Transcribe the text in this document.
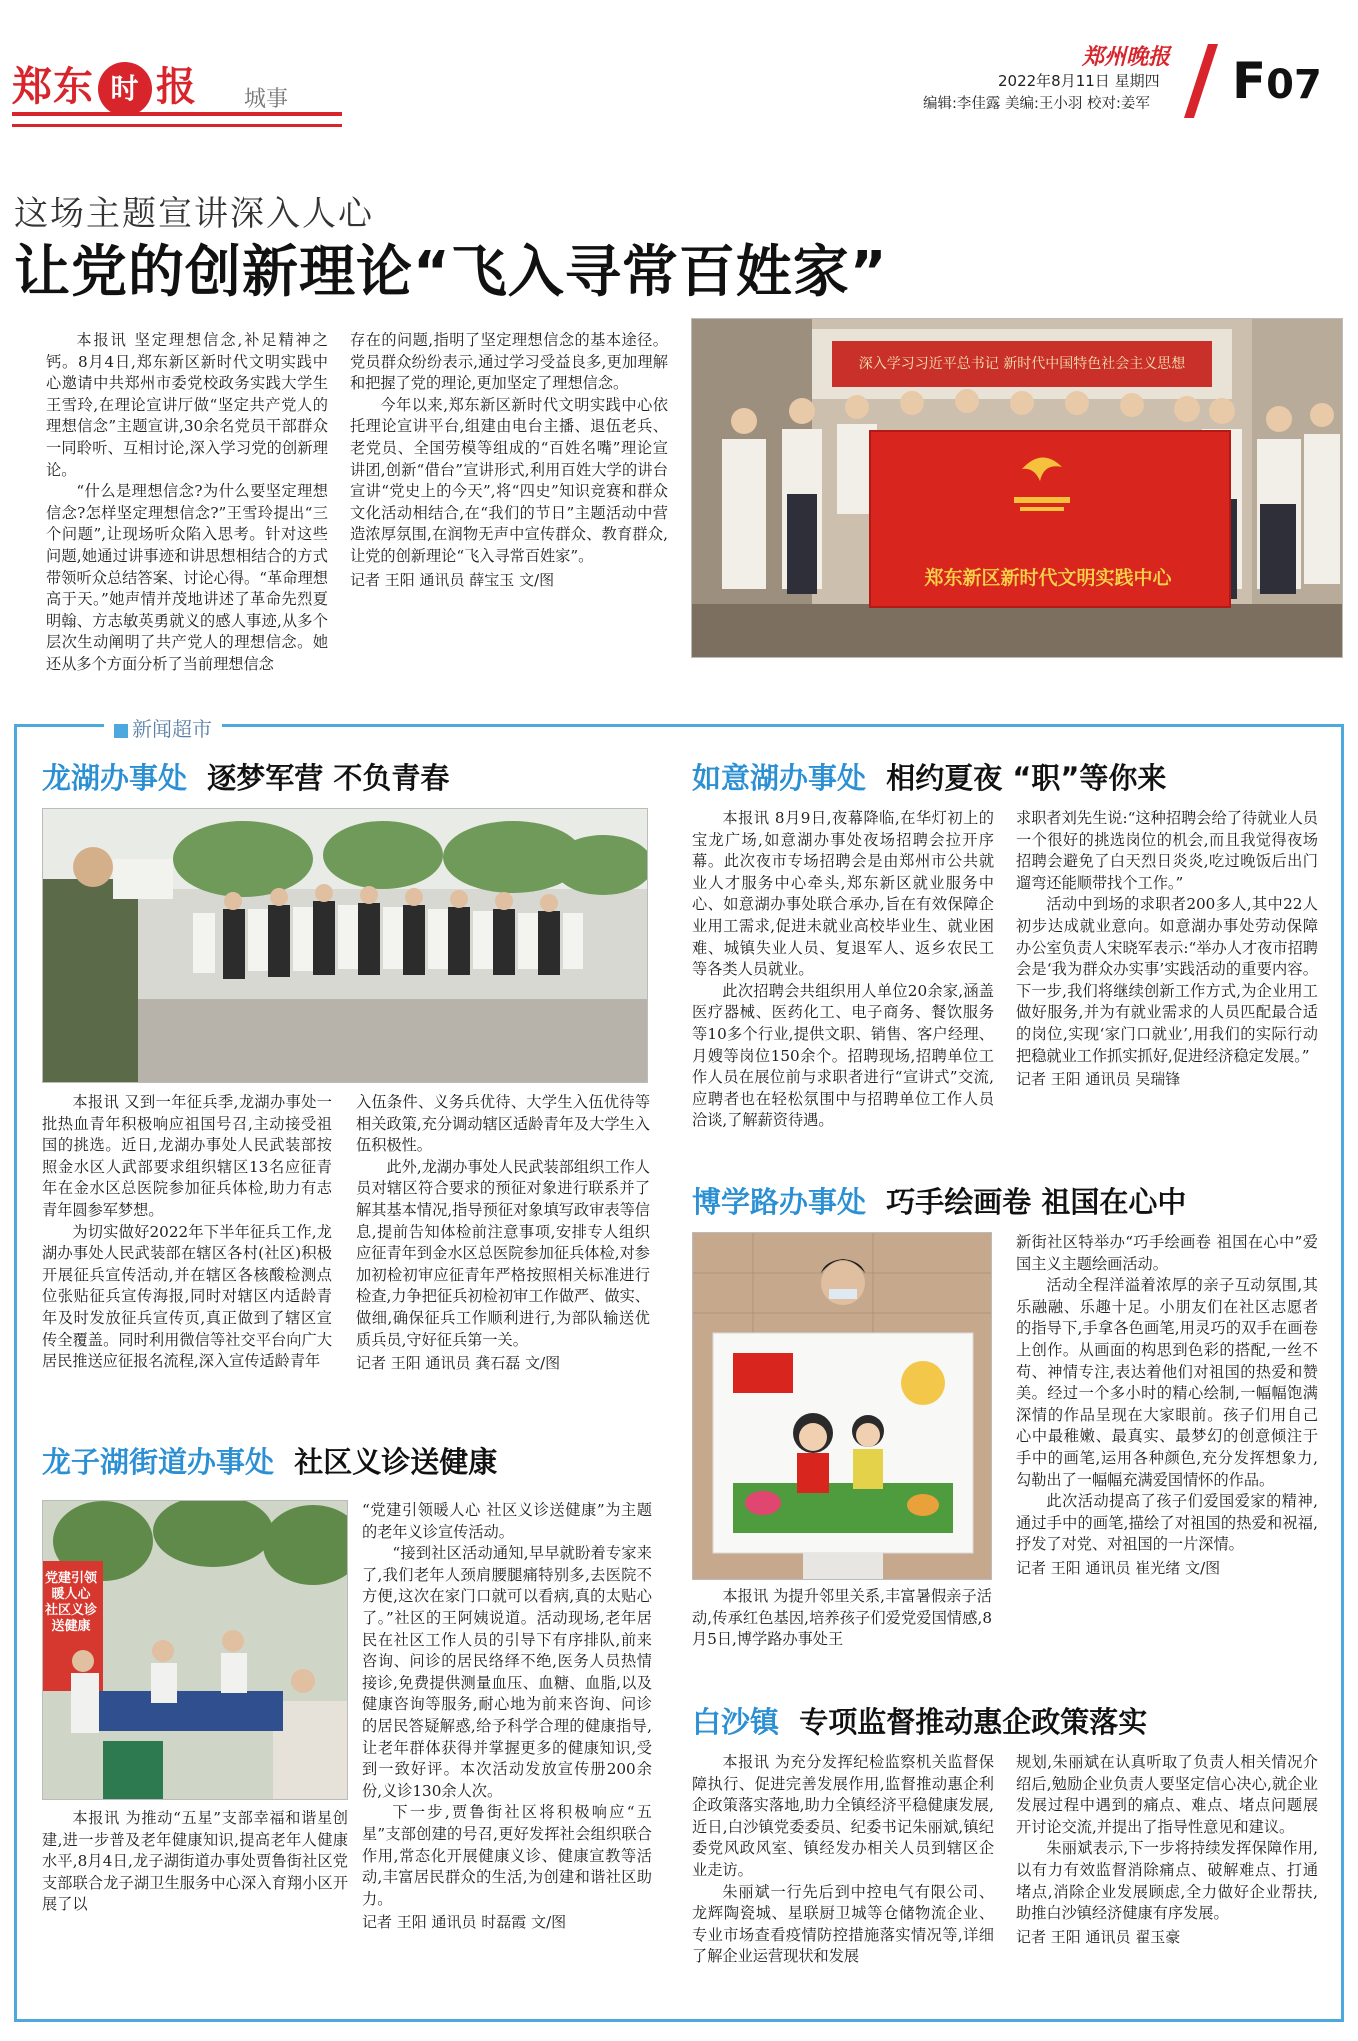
郑东 时 报 城事
郑州晚报
2022年8月11日 星期四
编辑:李佳露 美编:王小羽 校对:姜军 F07
这场主题宣讲深入人心
让党的创新理论“飞入寻常百姓家”

本报讯 坚定理想信念,补足精神之钙。8月4日,郑东新区新时代文明实践中心邀请中共郑州市委党校政务实践大学生王雪玲,在理论宣讲厅做“坚定共产党人的理想信念”主题宣讲,30余名党员干部群众一同聆听、互相讨论,深入学习党的创新理论。

“什么是理想信念?为什么要坚定理想信念?怎样坚定理想信念?”王雪玲提出“三个问题”,让现场听众陷入思考。针对这些问题,她通过讲事迹和讲思想相结合的方式带领听众总结答案、讨论心得。“革命理想高于天。”她声情并茂地讲述了革命先烈夏明翰、方志敏英勇就义的感人事迹,从多个层次生动阐明了共产党人的理想信念。她还从多个方面分析了当前理想信念

存在的问题,指明了坚定理想信念的基本途径。党员群众纷纷表示,通过学习受益良多,更加理解和把握了党的理论,更加坚定了理想信念。

今年以来,郑东新区新时代文明实践中心依托理论宣讲平台,组建由电台主播、退伍老兵、老党员、全国劳模等组成的“百姓名嘴”理论宣讲团,创新“借台”宣讲形式,利用百姓大学的讲台宣讲“党史上的今天”,将“四史”知识竞赛和群众文化活动相结合,在“我们的节日”主题活动中营造浓厚氛围,在润物无声中宣传群众、教育群众,让党的创新理论“飞入寻常百姓家”。

记者 王阳 通讯员 薛宝玉 文/图	郑东新区新时代文明实践中心
深入学习习近平总书记 新时代中国特色社会主义思想
新闻超市
龙湖办事处 逐梦军营 不负青春

本报讯 又到一年征兵季,龙湖办事处一批热血青年积极响应祖国号召,主动接受祖国的挑选。近日,龙湖办事处人民武装部按照金水区人武部要求组织辖区13名应征青年在金水区总医院参加征兵体检,助力有志青年圆参军梦想。

为切实做好2022年下半年征兵工作,龙湖办事处人民武装部在辖区各村(社区)积极开展征兵宣传活动,并在辖区各核酸检测点位张贴征兵宣传海报,同时对辖区内适龄青年及时发放征兵宣传页,真正做到了辖区宣传全覆盖。同时利用微信等社交平台向广大居民推送应征报名流程,深入宣传适龄青年

入伍条件、义务兵优待、大学生入伍优待等相关政策,充分调动辖区适龄青年及大学生入伍积极性。

此外,龙湖办事处人民武装部组织工作人员对辖区符合要求的预征对象进行联系并了解其基本情况,指导预征对象填写政审表等信息,提前告知体检前注意事项,安排专人组织应征青年到金水区总医院参加征兵体检,对参加初检初审应征青年严格按照相关标准进行检查,力争把征兵初检初审工作做严、做实、做细,确保征兵工作顺利进行,为部队输送优质兵员,守好征兵第一关。

记者 王阳 通讯员 龚石磊 文/图
龙子湖街道办事处 社区义诊送健康
党建引领暖人心 社区义诊送健康

本报讯 为推动“五星”支部幸福和谐星创建,进一步普及老年健康知识,提高老年人健康水平,8月4日,龙子湖街道办事处贾鲁街社区党支部联合龙子湖卫生服务中心深入育翔小区开展了以

“党建引领暖人心 社区义诊送健康”为主题的老年义诊宣传活动。

“接到社区活动通知,早早就盼着专家来了,我们老年人颈肩腰腿痛特别多,去医院不方便,这次在家门口就可以看病,真的太贴心了。”社区的王阿姨说道。活动现场,老年居民在社区工作人员的引导下有序排队,前来咨询、问诊的居民络绎不绝,医务人员热情接诊,免费提供测量血压、血糖、血脂,以及健康咨询等服务,耐心地为前来咨询、问诊的居民答疑解惑,给予科学合理的健康指导,让老年群体获得并掌握更多的健康知识,受到一致好评。本次活动发放宣传册200余份,义诊130余人次。

下一步,贾鲁街社区将积极响应“五星”支部创建的号召,更好发挥社会组织联合作用,常态化开展健康义诊、健康宣教等活动,丰富居民群众的生活,为创建和谐社区助力。

记者 王阳 通讯员 时磊霞 文/图
如意湖办事处 相约夏夜 “职”等你来

本报讯 8月9日,夜幕降临,在华灯初上的宝龙广场,如意湖办事处夜场招聘会拉开序幕。此次夜市专场招聘会是由郑州市公共就业人才服务中心牵头,郑东新区就业服务中心、如意湖办事处联合承办,旨在有效保障企业用工需求,促进未就业高校毕业生、就业困难、城镇失业人员、复退军人、返乡农民工等各类人员就业。

此次招聘会共组织用人单位20余家,涵盖医疗器械、医药化工、电子商务、餐饮服务等10多个行业,提供文职、销售、客户经理、月嫂等岗位150余个。招聘现场,招聘单位工作人员在展位前与求职者进行“宣讲式”交流,应聘者也在轻松氛围中与招聘单位工作人员洽谈,了解薪资待遇。

求职者刘先生说:“这种招聘会给了待就业人员一个很好的挑选岗位的机会,而且我觉得夜场招聘会避免了白天烈日炎炎,吃过晚饭后出门遛弯还能顺带找个工作。”

活动中到场的求职者200多人,其中22人初步达成就业意向。如意湖办事处劳动保障办公室负责人宋晓军表示:“举办人才夜市招聘会是‘我为群众办实事’实践活动的重要内容。下一步,我们将继续创新工作方式,为企业用工做好服务,并为有就业需求的人员匹配最合适的岗位,实现‘家门口就业’,用我们的实际行动把稳就业工作抓实抓好,促进经济稳定发展。”

记者 王阳 通讯员 吴瑞锋
博学路办事处 巧手绘画卷 祖国在心中

本报讯 为提升邻里关系,丰富暑假亲子活动,传承红色基因,培养孩子们爱党爱国情感,8月5日,博学路办事处王

新街社区特举办“巧手绘画卷 祖国在心中”爱国主义主题绘画活动。

活动全程洋溢着浓厚的亲子互动氛围,其乐融融、乐趣十足。小朋友们在社区志愿者的指导下,手拿各色画笔,用灵巧的双手在画卷上创作。从画面的构思到色彩的搭配,一丝不苟、神情专注,表达着他们对祖国的热爱和赞美。经过一个多小时的精心绘制,一幅幅饱满深情的作品呈现在大家眼前。孩子们用自己心中最稚嫩、最真实、最梦幻的创意倾注于手中的画笔,运用各种颜色,充分发挥想象力,勾勒出了一幅幅充满爱国情怀的作品。

此次活动提高了孩子们爱国爱家的精神,通过手中的画笔,描绘了对祖国的热爱和祝福,抒发了对党、对祖国的一片深情。

记者 王阳 通讯员 崔光绪 文/图
白沙镇 专项监督推动惠企政策落实

本报讯 为充分发挥纪检监察机关监督保障执行、促进完善发展作用,监督推动惠企利企政策落实落地,助力全镇经济平稳健康发展,近日,白沙镇党委委员、纪委书记朱丽斌,镇纪委党风政风室、镇经发办相关人员到辖区企业走访。

朱丽斌一行先后到中控电气有限公司、龙辉陶瓷城、星联厨卫城等仓储物流企业、专业市场查看疫情防控措施落实情况等,详细了解企业运营现状和发展

规划,朱丽斌在认真听取了负责人相关情况介绍后,勉励企业负责人要坚定信心决心,就企业发展过程中遇到的痛点、难点、堵点问题展开讨论交流,并提出了指导性意见和建议。

朱丽斌表示,下一步将持续发挥保障作用,以有力有效监督消除痛点、破解难点、打通堵点,消除企业发展顾虑,全力做好企业帮扶,助推白沙镇经济健康有序发展。

记者 王阳 通讯员 翟玉豪
